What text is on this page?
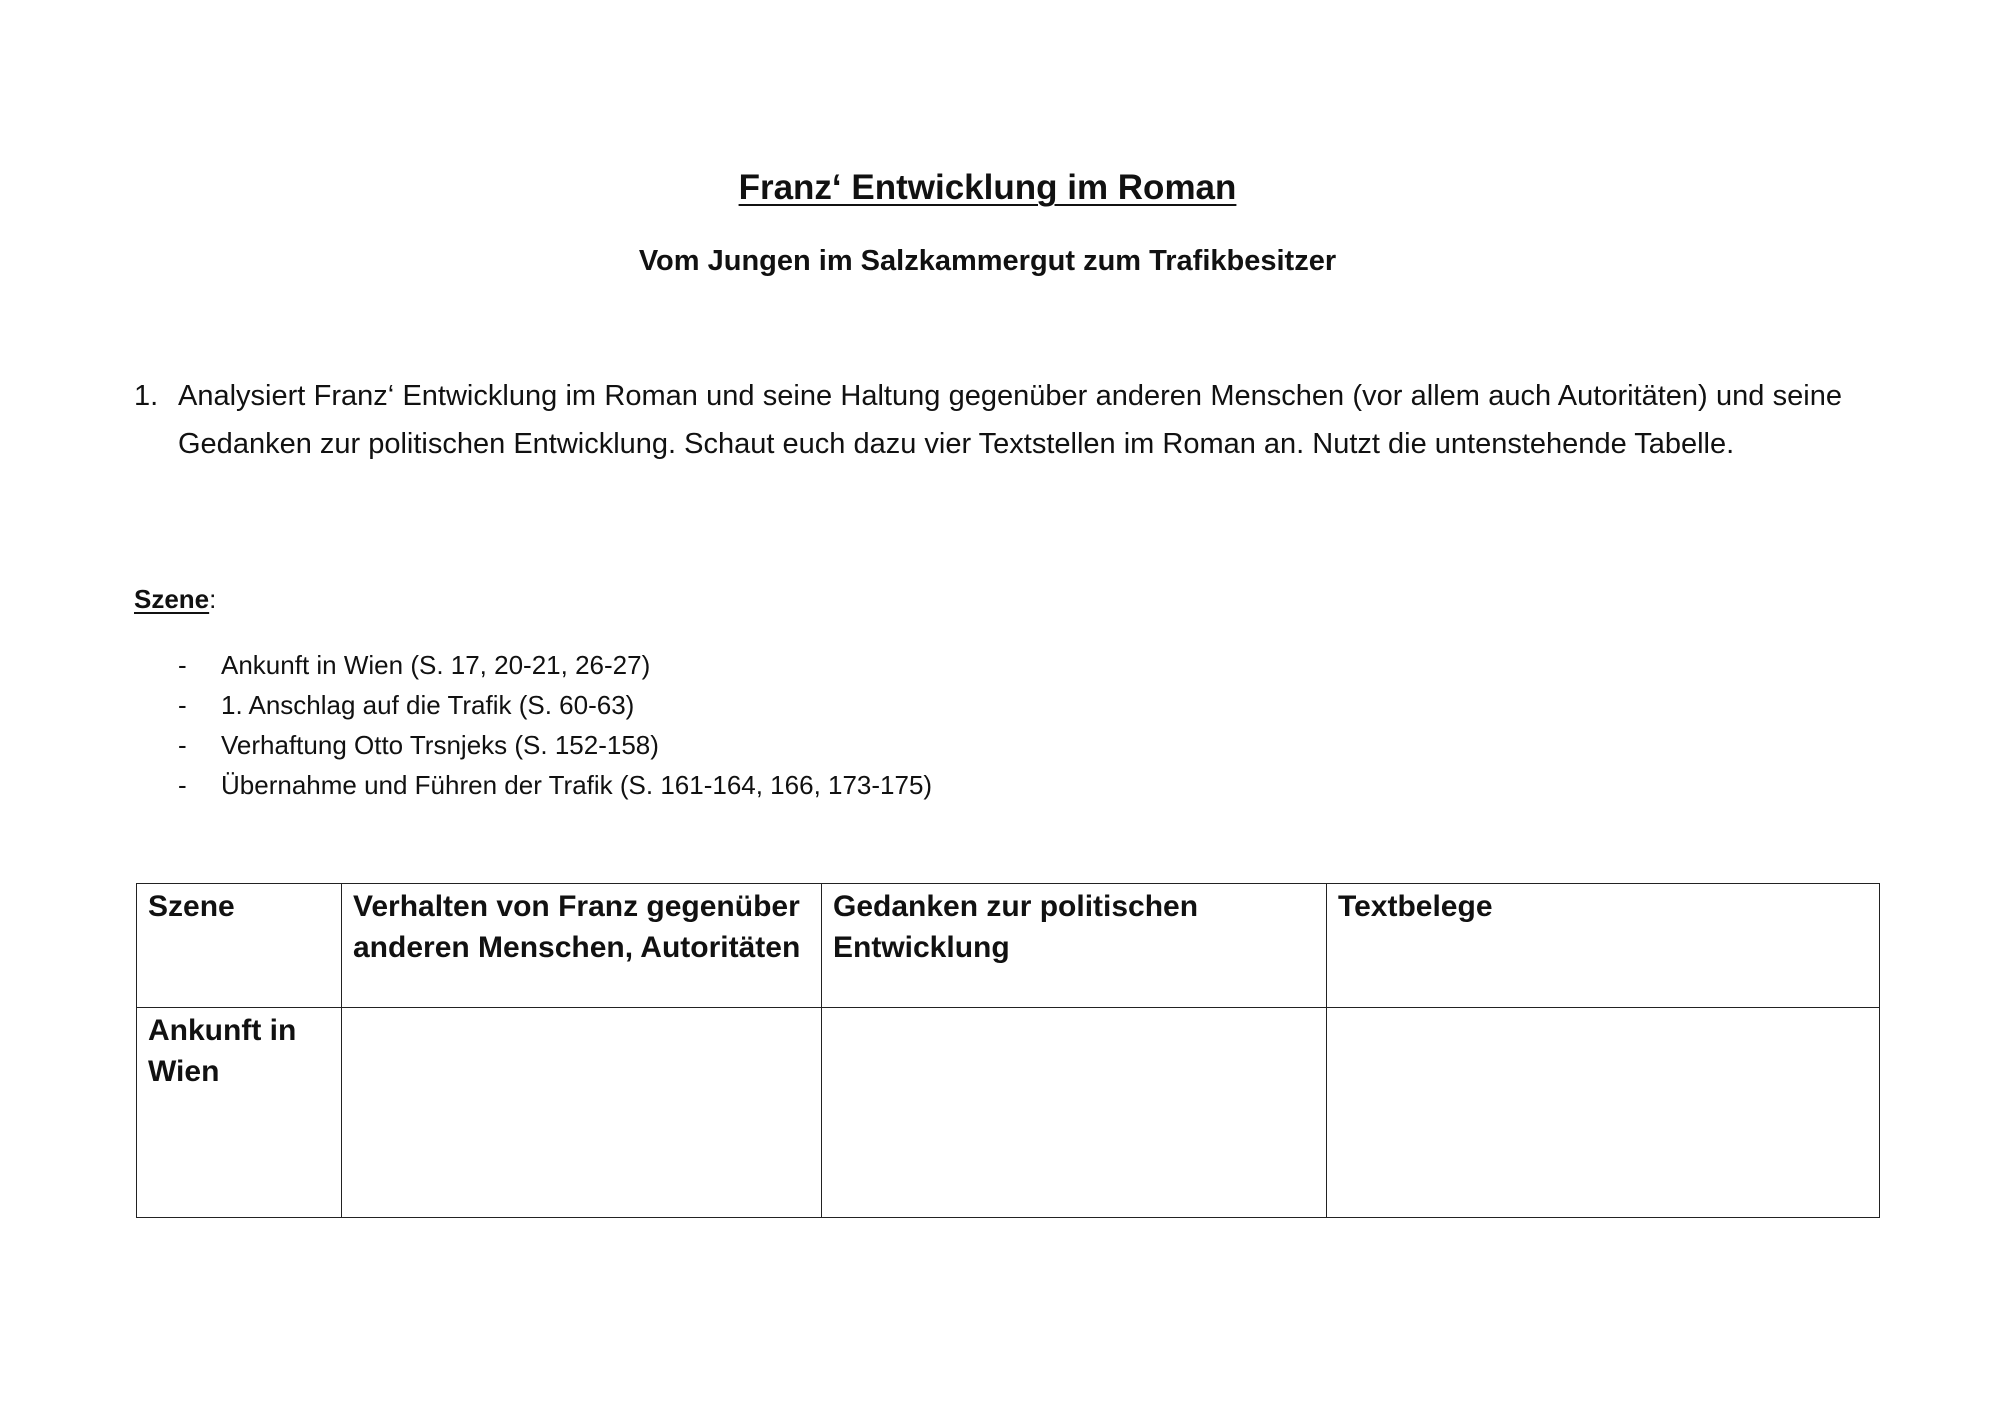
Franz‘ Entwicklung im Roman
Vom Jungen im Salzkammergut zum Trafikbesitzer
1. Analysiert Franz‘ Entwicklung im Roman und seine Haltung gegenüber anderen Menschen (vor allem auch Autoritäten) und seine Gedanken zur politischen Entwicklung. Schaut euch dazu vier Textstellen im Roman an. Nutzt die untenstehende Tabelle.
Szene:
- Ankunft in Wien (S. 17, 20-21, 26-27)
- 1. Anschlag auf die Trafik (S. 60-63)
- Verhaftung Otto Trsnjeks (S. 152-158)
- Übernahme und Führen der Trafik (S. 161-164, 166, 173-175)
Szene	Verhalten von Franz gegenüber anderen Menschen, Autoritäten	Gedanken zur politischen Entwicklung	Textbelege
Ankunft in Wien			
